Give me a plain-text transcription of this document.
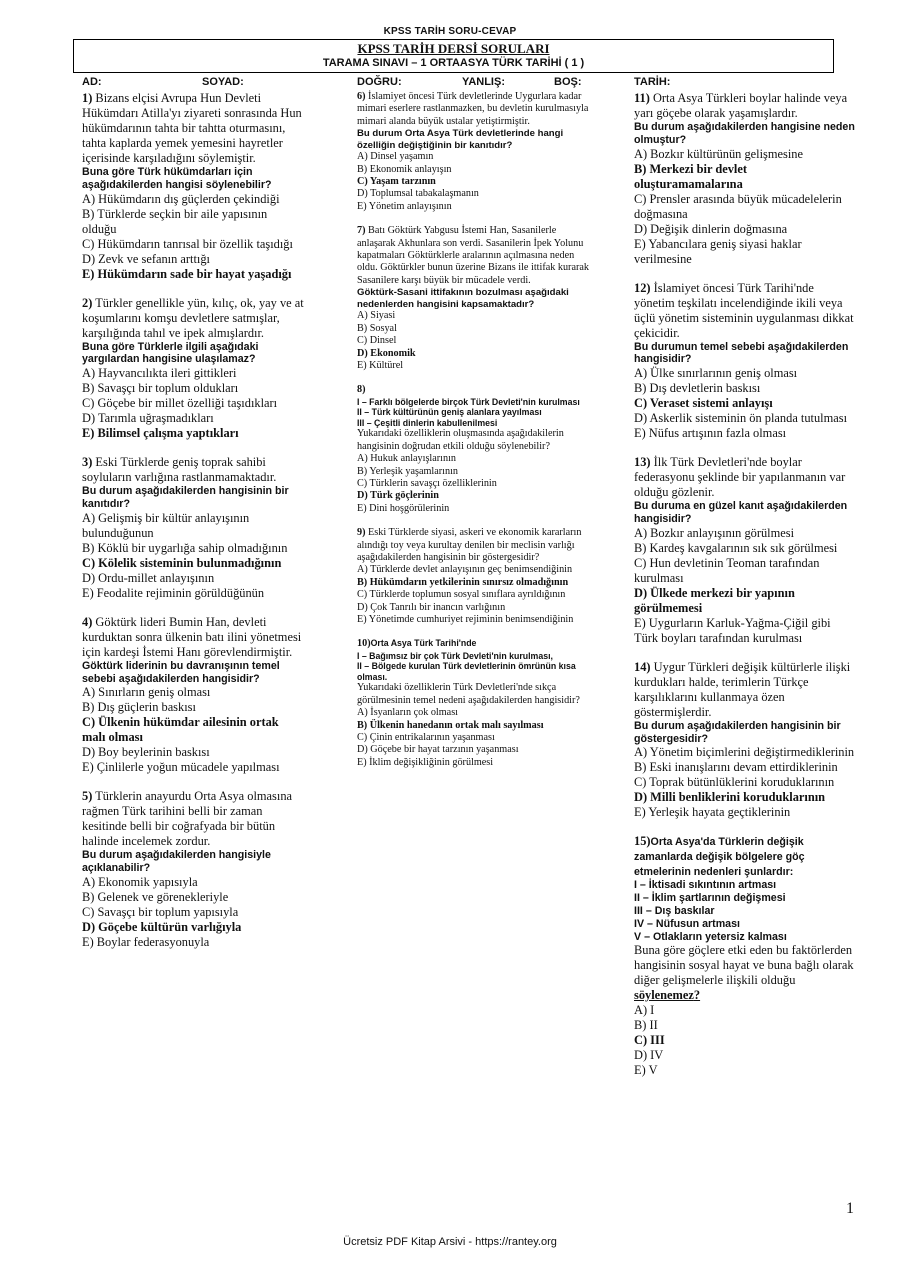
KPSS TARİH SORU-CEVAP
KPSS TARİH DERSİ SORULARI
TARAMA SINAVI – 1 ORTAASYA TÜRK TARİHİ ( 1 )
AD:	SOYAD:	DOĞRU:	YANLIŞ:	BOŞ:	TARİH:
1) Bizans elçisi Avrupa Hun Devleti Hükümdarı Atilla'yı ziyareti sonrasında Hun hükümdarının tahta bir tahtta oturmasını, tahta kaplarda yemek yemesini hayretler içerisinde karşıladığını söylemiştir.
Buna göre Türk hükümdarları için aşağıdakilerden hangisi söylenebilir?
A) Hükümdarın dış güçlerden çekindiği
B) Türklerde seçkin bir aile yapısının olduğu
C) Hükümdarın tanrısal bir özellik taşıdığı
D) Zevk ve sefanın arttığı
E) Hükümdarın sade bir hayat yaşadığı
2) Türkler genellikle yün, kılıç, ok, yay ve at koşumlarını komşu devletlere satmışlar, karşılığında tahıl ve ipek almışlardır.
Buna göre Türklerle ilgili aşağıdaki yargılardan hangisine ulaşılamaz?
A) Hayvancılıkta ileri gittikleri
B) Savaşçı bir toplum oldukları
C) Göçebe bir millet özelliği taşıdıkları
D) Tarımla uğraşmadıkları
E) Bilimsel çalışma yaptıkları
3) Eski Türklerde geniş toprak sahibi soyluların varlığına rastlanmamaktadır.
Bu durum aşağıdakilerden hangisinin bir kanıtıdır?
A) Gelişmiş bir kültür anlayışının bulunduğunun
B) Köklü bir uygarlığa sahip olmadığının
C) Kölelik sisteminin bulunmadığının
D) Ordu-millet anlayışının
E) Feodalite rejiminin görüldüğünün
4) Göktürk lideri Bumin Han, devleti kurduktan sonra ülkenin batı ilini yönetmesi için kardeşi İstemi Hanı görevlendirmiştir.
Göktürk liderinin bu davranışının temel sebebi aşağıdakilerden hangisidir?
A) Sınırların geniş olması
B) Dış güçlerin baskısı
C) Ülkenin hükümdar ailesinin ortak malı olması
D) Boy beylerinin baskısı
E) Çinlilerle yoğun mücadele yapılması
5) Türklerin anayurdu Orta Asya olmasına rağmen Türk tarihini belli bir zaman kesitinde belli bir coğrafyada bir bütün halinde incelemek zordur.
Bu durum aşağıdakilerden hangisiyle açıklanabilir?
A) Ekonomik yapısıyla
B) Gelenek ve görenekleriyle
C) Savaşçı bir toplum yapısıyla
D) Göçebe kültürün varlığıyla
E) Boylar federasyonuyla
6) İslamiyet öncesi Türk devletlerinde Uygurlara kadar mimari eserlere rastlanmazken, bu devletin kurulmasıyla mimari alanda büyük ustalar yetiştirmiştir.
Bu durum Orta Asya Türk devletlerinde hangi özelliğin değiştiğinin bir kanıtıdır?
A) Dinsel yaşamın
B) Ekonomik anlayışın
C) Yaşam tarzının
D) Toplumsal tabakalaşmanın
E) Yönetim anlayışının
7) Batı Göktürk Yabgusu İstemi Han, Sasanilerle anlaşarak Akhunlara son verdi. Sasanilerin İpek Yolunu kapatmaları Göktürklerle aralarının açılmasına neden oldu. Göktürkler bunun üzerine Bizans ile ittifak kurarak Sasanilere karşı büyük bir mücadele verdi.
Göktürk-Sasani ittifakının bozulması aşağıdaki nedenlerden hangisini kapsamaktadır?
A) Siyasi
B) Sosyal
C) Dinsel
D) Ekonomik
E) Kültürel
8)
I – Farklı bölgelerde birçok Türk Devleti'nin kurulması
II – Türk kültürünün geniş alanlara yayılması
III – Çeşitli dinlerin kabullenilmesi
Yukarıdaki özelliklerin oluşmasında aşağıdakilerin hangisinin doğrudan etkili olduğu söylenebilir?
A) Hukuk anlayışlarının
B) Yerleşik yaşamlarının
C) Türklerin savaşçı özelliklerinin
D) Türk göçlerinin
E) Dini hoşgörülerinin
9) Eski Türklerde siyasi, askeri ve ekonomik kararların alındığı toy veya kurultay denilen bir meclisin varlığı aşağıdakilerden hangisinin bir göstergesidir?
A) Türklerde devlet anlayışının geç benimsendiğinin
B) Hükümdarın yetkilerinin sınırsız olmadığının
C) Türklerde toplumun sosyal sınıflara ayrıldığının
D) Çok Tanrılı bir inancın varlığının
E) Yönetimde cumhuriyet rejiminin benimsendiğinin
10)Orta Asya Türk Tarihi'nde
I – Bağımsız bir çok Türk Devleti'nin kurulması,
II – Bölgede kurulan Türk devletlerinin ömrünün kısa olması.
Yukarıdaki özelliklerin Türk Devletleri'nde sıkça görülmesinin temel nedeni aşağıdakilerden hangisidir?
A) İsyanların çok olması
B) Ülkenin hanedanın ortak malı sayılması
C) Çinin entrikalarının yaşanması
D) Göçebe bir hayat tarzının yaşanması
E) İklim değişikliğinin görülmesi
11) Orta Asya Türkleri boylar halinde veya yarı göçebe olarak yaşamışlardır.
Bu durum aşağıdakilerden hangisine neden olmuştur?
A) Bozkır kültürünün gelişmesine
B) Merkezi bir devlet oluşturamamalarına
C) Prensler arasında büyük mücadelelerin doğmasına
D) Değişik dinlerin doğmasına
E) Yabancılara geniş siyasi haklar verilmesine
12) İslamiyet öncesi Türk Tarihi'nde yönetim teşkilatı incelendiğinde ikili veya üçlü yönetim sisteminin uygulanması dikkat çekicidir.
Bu durumun temel sebebi aşağıdakilerden hangisidir?
A) Ülke sınırlarının geniş olması
B) Dış devletlerin baskısı
C) Veraset sistemi anlayışı
D) Askerlik sisteminin ön planda tutulması
E) Nüfus artışının fazla olması
13) İlk Türk Devletleri'nde boylar federasyonu şeklinde bir yapılanmanın var olduğu gözlenir.
Bu duruma en güzel kanıt aşağıdakilerden hangisidir?
A) Bozkır anlayışının görülmesi
B) Kardeş kavgalarının sık sık görülmesi
C) Hun devletinin Teoman tarafından kurulması
D) Ülkede merkezi bir yapının görülmemesi
E) Uygurların Karluk-Yağma-Çiğil gibi Türk boyları tarafından kurulması
14) Uygur Türkleri değişik kültürlerle ilişki kurdukları halde, terimlerin Türkçe karşılıklarını kullanmaya özen göstermişlerdir.
Bu durum aşağıdakilerden hangisinin bir göstergesidir?
A) Yönetim biçimlerini değiştirmediklerinin
B) Eski inanışlarını devam ettirdiklerinin
C) Toprak bütünlüklerini koruduklarının
D) Milli benliklerini koruduklarının
E) Yerleşik hayata geçtiklerinin
15)Orta Asya'da Türklerin değişik zamanlarda değişik bölgelere göç etmelerinin nedenleri şunlardır:
I – İktisadi sıkıntının artması
II – İklim şartlarının değişmesi
III – Dış baskılar
IV – Nüfusun artması
V – Otlakların yetersiz kalması
Buna göre göçlere etki eden bu faktörlerden hangisinin sosyal hayat ve buna bağlı olarak diğer gelişmelerle ilişkili olduğu söylenemez?
A) I
B) II
C) III
D) IV
E) V
1
Ücretsiz PDF Kitap Arsivi - https://rantey.org
